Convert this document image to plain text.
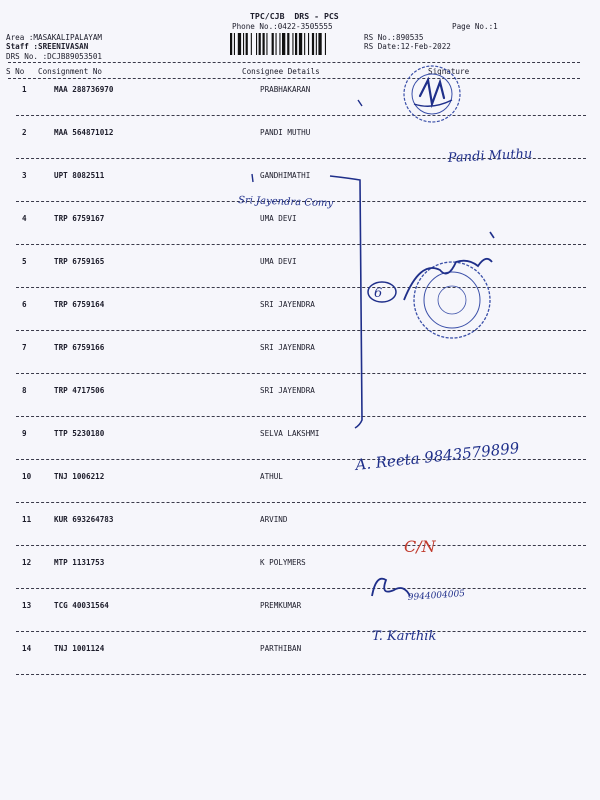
TPC/CJB  DRS - PCS
Phone No.:0422-3505555	Page No.:1
Area :MASAKALIPALAYAM
Staff :SREENIVASAN
DRS No. :DCJB89053501
RS No.:890535
RS Date:12-Feb-2022
S No Consignment No	Consignee Details	Signature
1	MAA 288736970	PRABHAKARAN
2	MAA 564871012	PANDI MUTHU
3	UPT 8082511	GANDHIMATHI
4	TRP 6759167	UMA DEVI
5	TRP 6759165	UMA DEVI
6	TRP 6759164	SRI JAYENDRA
7	TRP 6759166	SRI JAYENDRA
8	TRP 4717506	SRI JAYENDRA
9	TTP 5230180	SELVA LAKSHMI
10	TNJ 1006212	ATHUL
11	KUR 693264783	ARVIND
12	MTP 1131753	K POLYMERS
13	TCG 40031564	PREMKUMAR
14	TNJ 1001124	PARTHIBAN
Pandi Muthu
Sri Jayendra Comy
6
A. Reeta 9843579899
C/N
9944004005
T. Karthik
